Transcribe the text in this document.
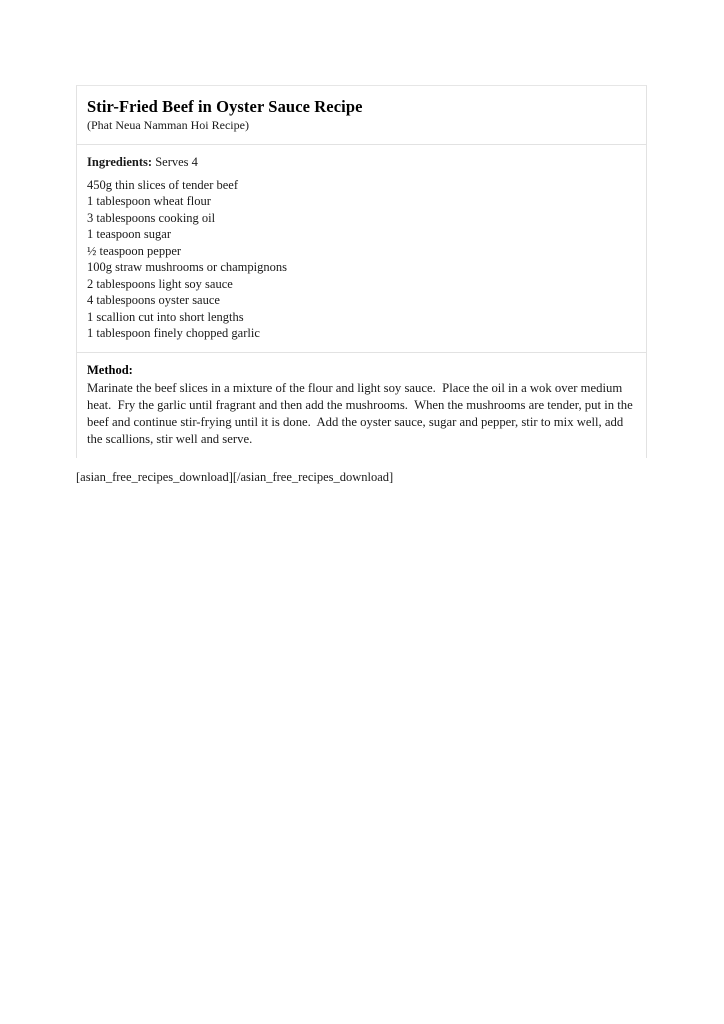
Stir-Fried Beef in Oyster Sauce Recipe
(Phat Neua Namman Hoi Recipe)
Ingredients: Serves 4
450g thin slices of tender beef
1 tablespoon wheat flour
3 tablespoons cooking oil
1 teaspoon sugar
½ teaspoon pepper
100g straw mushrooms or champignons
2 tablespoons light soy sauce
4 tablespoons oyster sauce
1 scallion cut into short lengths
1 tablespoon finely chopped garlic
Method:

Marinate the beef slices in a mixture of the flour and light soy sauce.  Place the oil in a wok over medium heat.  Fry the garlic until fragrant and then add the mushrooms.  When the mushrooms are tender, put in the beef and continue stir-frying until it is done.  Add the oyster sauce, sugar and pepper, stir to mix well, add the scallions, stir well and serve.

[asian_free_recipes_download][/asian_free_recipes_download]
